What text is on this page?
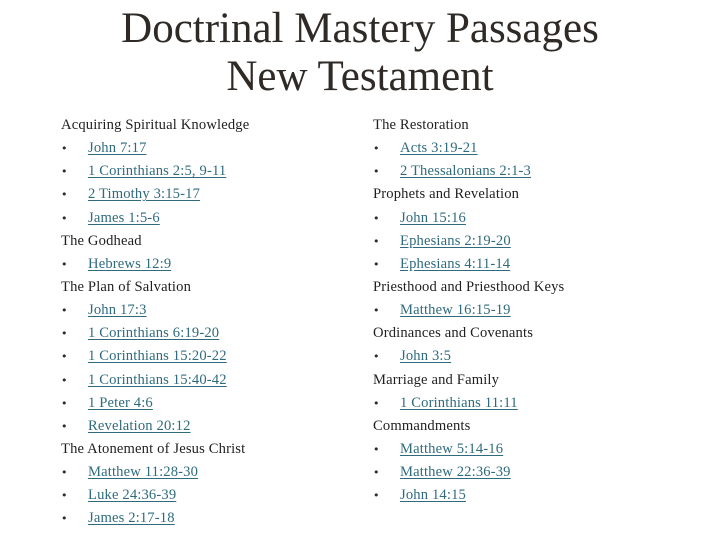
Doctrinal Mastery Passages
New Testament
Acquiring Spiritual Knowledge
• John 7:17
• 1 Corinthians 2:5, 9-11
• 2 Timothy 3:15-17
• James 1:5-6
The Godhead
• Hebrews 12:9
The Plan of Salvation
• John 17:3
• 1 Corinthians 6:19-20
• 1 Corinthians 15:20-22
• 1 Corinthians 15:40-42
• 1 Peter 4:6
• Revelation 20:12
The Atonement of Jesus Christ
• Matthew 11:28-30
• Luke 24:36-39
• James 2:17-18
The Restoration
• Acts 3:19-21
• 2 Thessalonians 2:1-3
Prophets and Revelation
• John 15:16
• Ephesians 2:19-20
• Ephesians 4:11-14
Priesthood and Priesthood Keys
• Matthew 16:15-19
Ordinances and Covenants
• John 3:5
Marriage and Family
• 1 Corinthians 11:11
Commandments
• Matthew 5:14-16
• Matthew 22:36-39
• John 14:15
